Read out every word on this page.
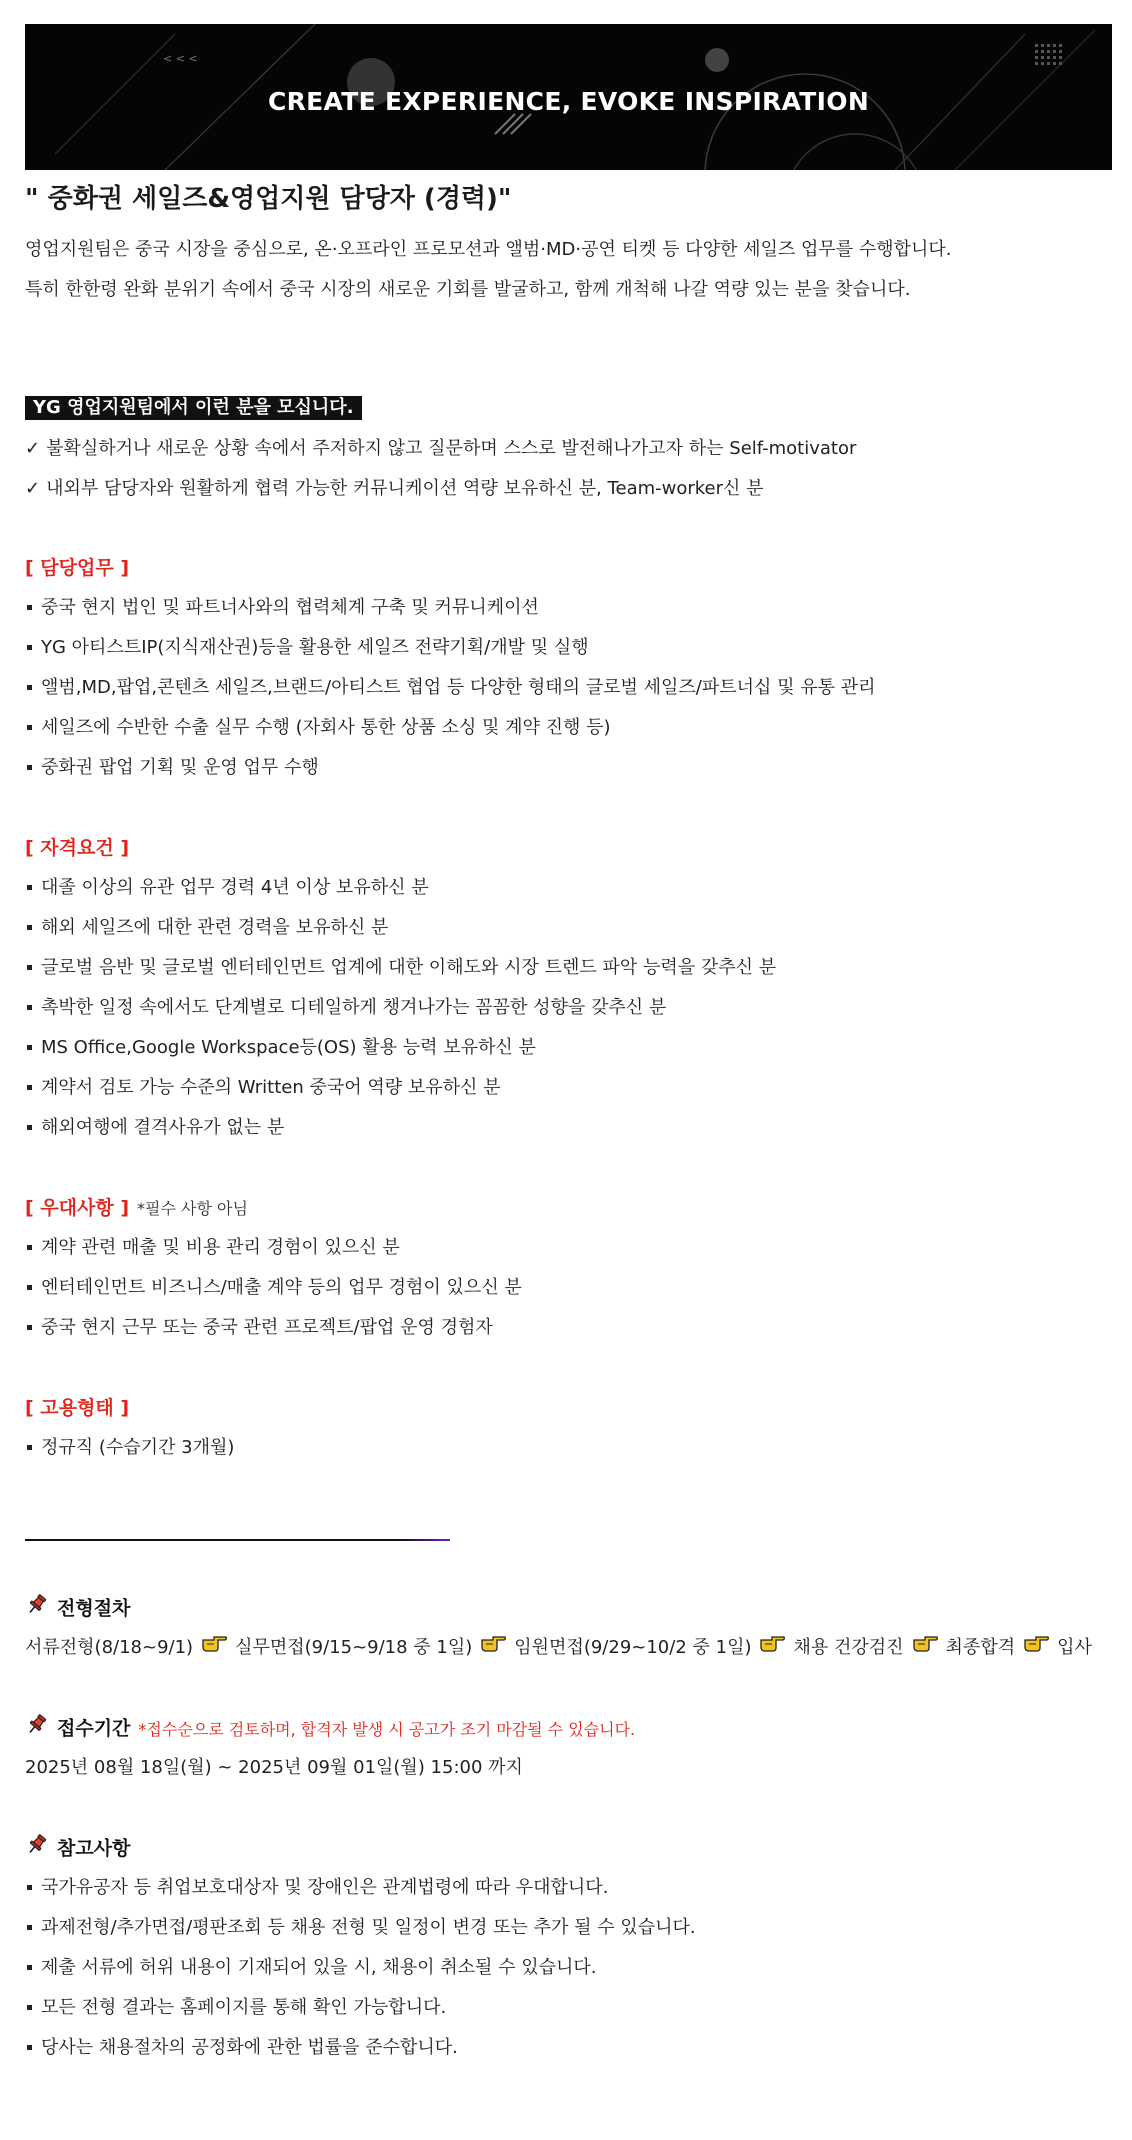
< < <
CREATE EXPERIENCE, EVOKE INSPIRATION
" 중화권 세일즈&영업지원 담당자 (경력)"
영업지원팀은 중국 시장을 중심으로, 온·오프라인 프로모션과 앨범·MD·공연 티켓 등 다양한 세일즈 업무를 수행합니다.
특히 한한령 완화 분위기 속에서 중국 시장의 새로운 기회를 발굴하고, 함께 개척해 나갈 역량 있는 분을 찾습니다.
YG 영업지원팀에서 이런 분을 모십니다.
✓ 불확실하거나 새로운 상황 속에서 주저하지 않고 질문하며 스스로 발전해나가고자 하는 Self-motivator
✓ 내외부 담당자와 원활하게 협력 가능한 커뮤니케이션 역량 보유하신 분, Team-worker신 분
[ 담당업무 ]
중국 현지 법인 및 파트너사와의 협력체계 구축 및 커뮤니케이션
YG 아티스트IP(지식재산권)등을 활용한 세일즈 전략기획/개발 및 실행
앨범,MD,팝업,콘텐츠 세일즈,브랜드/아티스트 협업 등 다양한 형태의 글로벌 세일즈/파트너십 및 유통 관리
세일즈에 수반한 수출 실무 수행 (자회사 통한 상품 소싱 및 계약 진행 등)
중화권 팝업 기획 및 운영 업무 수행
[ 자격요건 ]
대졸 이상의 유관 업무 경력 4년 이상 보유하신 분
해외 세일즈에 대한 관련 경력을 보유하신 분
글로벌 음반 및 글로벌 엔터테인먼트 업계에 대한 이해도와 시장 트렌드 파악 능력을 갖추신 분
촉박한 일정 속에서도 단계별로 디테일하게 챙겨나가는 꼼꼼한 성향을 갖추신 분
MS Office,Google Workspace등(OS) 활용 능력 보유하신 분
계약서 검토 가능 수준의 Written 중국어 역량 보유하신 분
해외여행에 결격사유가 없는 분
[ 우대사항 ] *필수 사항 아님
계약 관련 매출 및 비용 관리 경험이 있으신 분
엔터테인먼트 비즈니스/매출 계약 등의 업무 경험이 있으신 분
중국 현지 근무 또는 중국 관련 프로젝트/팝업 운영 경험자
[ 고용형태 ]
정규직 (수습기간 3개월)
전형절차
서류전형(8/18~9/1) 실무면접(9/15~9/18 중 1일) 임원면접(9/29~10/2 중 1일) 채용 건강검진 최종합격 입사
접수기간 *접수순으로 검토하며, 합격자 발생 시 공고가 조기 마감될 수 있습니다.
2025년 08월 18일(월) ~ 2025년 09월 01일(월) 15:00 까지
참고사항
국가유공자 등 취업보호대상자 및 장애인은 관계법령에 따라 우대합니다.
과제전형/추가면접/평판조회 등 채용 전형 및 일정이 변경 또는 추가 될 수 있습니다.
제출 서류에 허위 내용이 기재되어 있을 시, 채용이 취소될 수 있습니다.
모든 전형 결과는 홈페이지를 통해 확인 가능합니다.
당사는 채용절차의 공정화에 관한 법률을 준수합니다.
